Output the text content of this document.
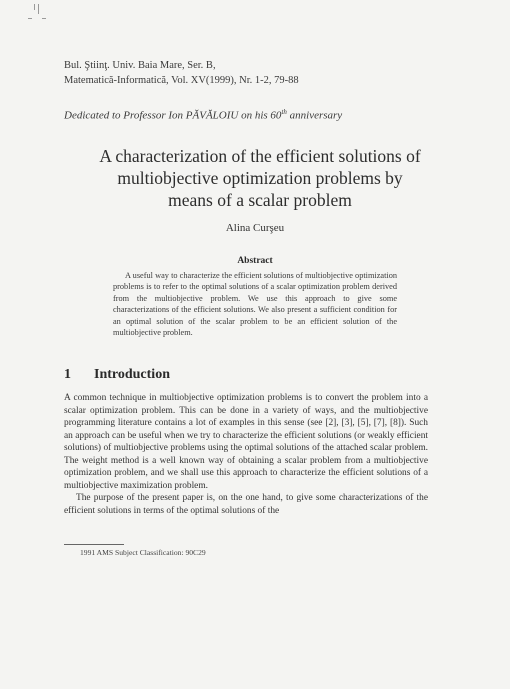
Bul. Ştiinţ. Univ. Baia Mare, Ser. B,
Matematică-Informatică, Vol. XV(1999), Nr. 1-2, 79-88
Dedicated to Professor Ion PĂVĂLOIU on his 60th anniversary
A characterization of the efficient solutions of
multiobjective optimization problems by
means of a scalar problem
Alina Curşeu
Abstract

A useful way to characterize the efficient solutions of multiobjective optimization problems is to refer to the optimal solutions of a scalar optimization problem derived from the multiobjective problem. We use this approach to give some characterizations of the efficient solutions. We also present a sufficient condition for an optimal solution of the scalar problem to be an efficient solution of the multiobjective problem.

1 Introduction

A common technique in multiobjective optimization problems is to convert the problem into a scalar optimization problem. This can be done in a variety of ways, and the multiobjective programming literature contains a lot of examples in this sense (see [2], [3], [5], [7], [8]). Such an approach can be useful when we try to characterize the efficient solutions (or weakly efficient solutions) of multiobjective problems using the optimal solutions of the attached scalar problem. The weight method is a well known way of obtaining a scalar problem from a multiobjective optimization problem, and we shall use this approach to characterize the efficient solutions of a multiobjective maximization problem.

The purpose of the present paper is, on the one hand, to give some characterizations of the efficient solutions in terms of the optimal solutions of the

1991 AMS Subject Classification: 90C29
